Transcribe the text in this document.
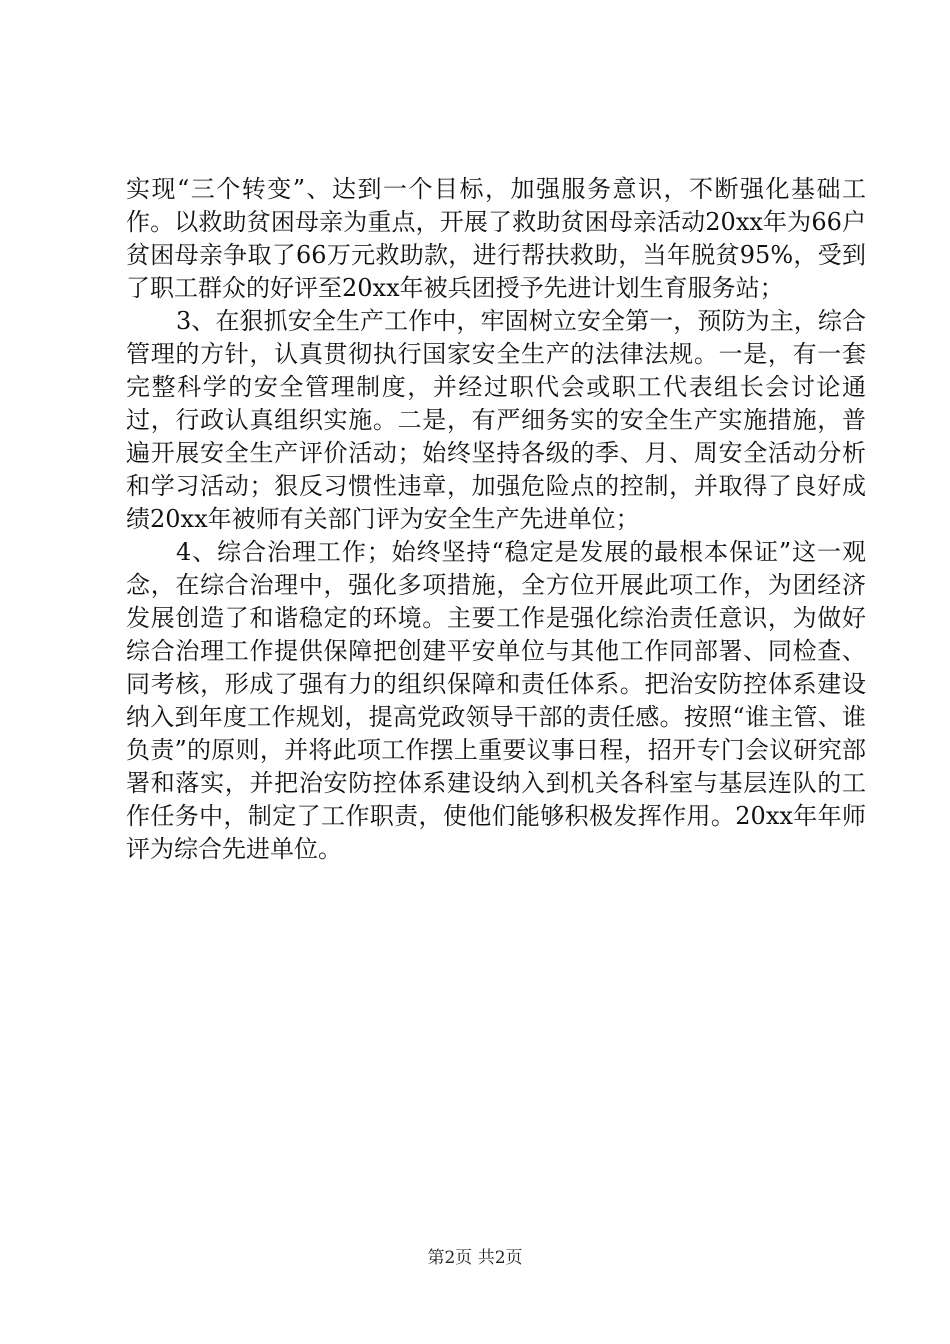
实现“三个转变”、达到一个目标，加强服务意识，不断强化基础工作。以救助贫困母亲为重点，开展了救助贫困母亲活动20xx年为66户贫困母亲争取了66万元救助款，进行帮扶救助，当年脱贫95%，受到了职工群众的好评至20xx年被兵团授予先进计划生育服务站；

3、在狠抓安全生产工作中，牢固树立安全第一，预防为主，综合管理的方针，认真贯彻执行国家安全生产的法律法规。一是，有一套完整科学的安全管理制度，并经过职代会或职工代表组长会讨论通过，行政认真组织实施。二是，有严细务实的安全生产实施措施，普遍开展安全生产评价活动；始终坚持各级的季、月、周安全活动分析和学习活动；狠反习惯性违章，加强危险点的控制，并取得了良好成绩20xx年被师有关部门评为安全生产先进单位；

4、综合治理工作；始终坚持“稳定是发展的最根本保证”这一观念，在综合治理中，强化多项措施，全方位开展此项工作，为团经济发展创造了和谐稳定的环境。主要工作是强化综治责任意识，为做好综合治理工作提供保障把创建平安单位与其他工作同部署、同检查、同考核，形成了强有力的组织保障和责任体系。把治安防控体系建设纳入到年度工作规划，提高党政领导干部的责任感。按照“谁主管、谁负责”的原则，并将此项工作摆上重要议事日程，招开专门会议研究部署和落实，并把治安防控体系建设纳入到机关各科室与基层连队的工作任务中，制定了工作职责，使他们能够积极发挥作用。20xx年年师评为综合先进单位。

第2页 共2页
